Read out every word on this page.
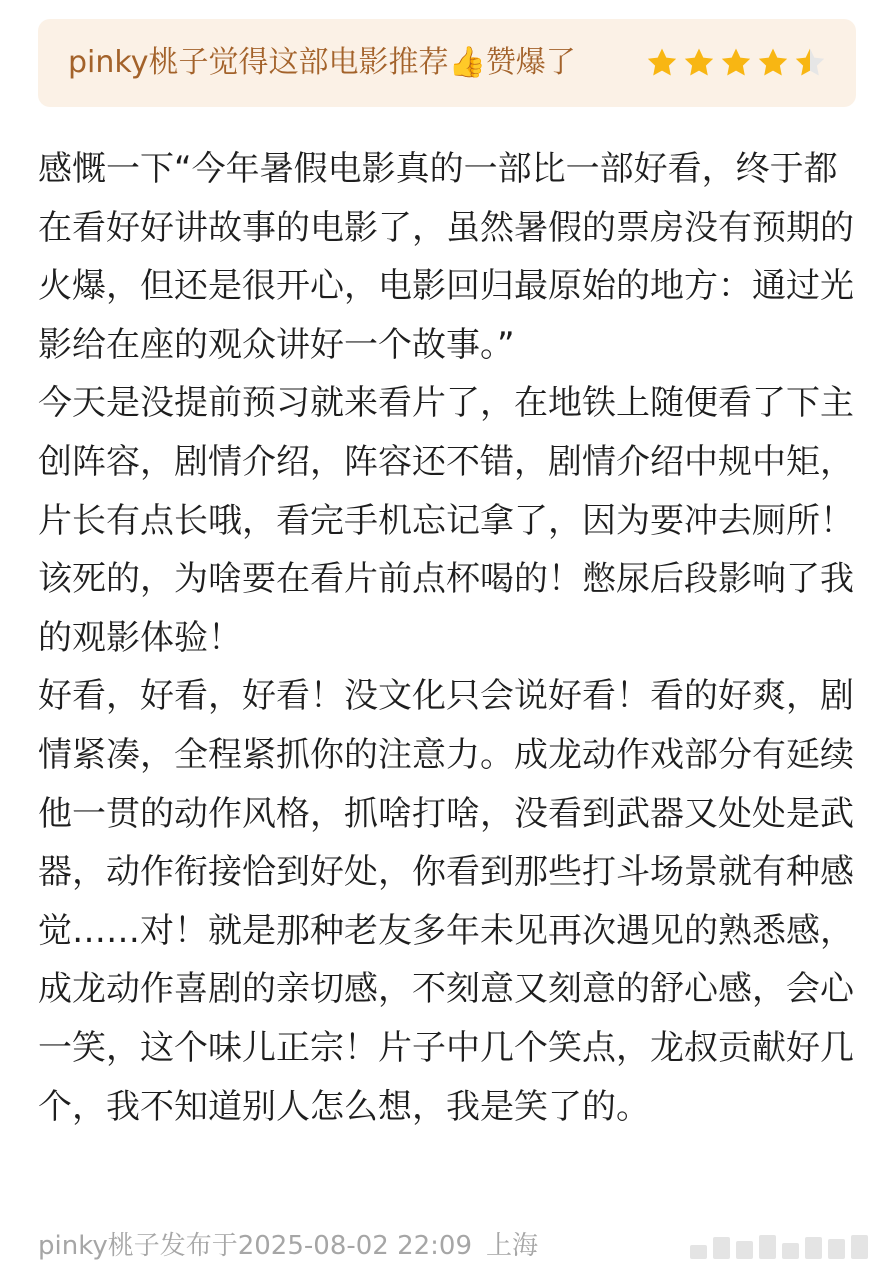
pinky桃子觉得这部电影推荐👍赞爆了

感慨一下“今年暑假电影真的一部比一部好看，终于都在看好好讲故事的电影了，虽然暑假的票房没有预期的火爆，但还是很开心，电影回归最原始的地方：通过光影给在座的观众讲好一个故事。”

今天是没提前预习就来看片了，在地铁上随便看了下主创阵容，剧情介绍，阵容还不错，剧情介绍中规中矩，片长有点长哦，看完手机忘记拿了，因为要冲去厕所！该死的，为啥要在看片前点杯喝的！憋尿后段影响了我的观影体验！

好看，好看，好看！没文化只会说好看！看的好爽，剧情紧凑，全程紧抓你的注意力。成龙动作戏部分有延续他一贯的动作风格，抓啥打啥，没看到武器又处处是武器，动作衔接恰到好处，你看到那些打斗场景就有种感觉……对！就是那种老友多年未见再次遇见的熟悉感，成龙动作喜剧的亲切感，不刻意又刻意的舒心感，会心一笑，这个味儿正宗！片子中几个笑点，龙叔贡献好几个，我不知道别人怎么想，我是笑了的。

pinky桃子发布于2025-08-02 22:09 上海
